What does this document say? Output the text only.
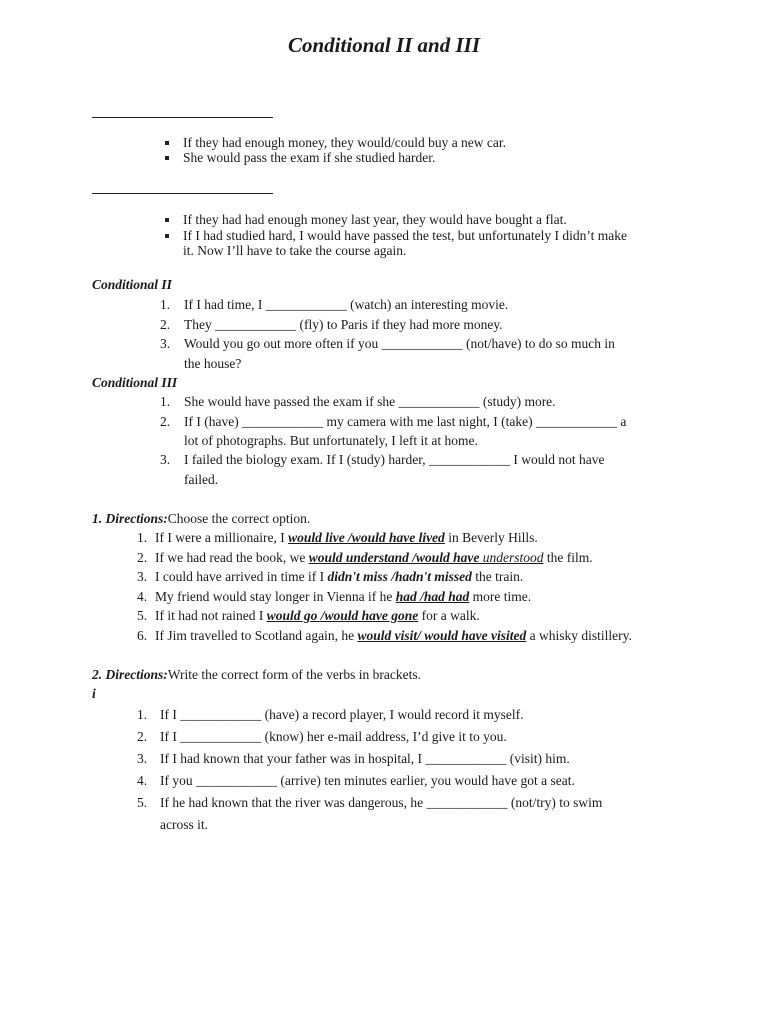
Conditional II and III
If they had enough money, they would/could buy a new car.
She would pass the exam if she studied harder.
If they had had enough money last year, they would have bought a flat.
If I had studied hard, I would have passed the test, but unfortunately I didn’t make
it. Now I’ll have to take the course again.
Conditional II
1. If I had time, I ____________ (watch) an interesting movie.
2. They ____________ (fly) to Paris if they had more money.
3. Would you go out more often if you ____________ (not/have) to do so much in
the house?
Conditional III
1. She would have passed the exam if she ____________ (study) more.
2. If I (have) ____________ my camera with me last night, I (take) ____________ a
lot of photographs. But unfortunately, I left it at home.
3. I failed the biology exam. If I (study) harder, ____________ I would not have
failed.
1. Directions:Choose the correct option.
1. If I were a millionaire, I would live /would have lived in Beverly Hills.
2. If we had read the book, we would understand /would have understood the film.
3. I could have arrived in time if I didn't miss /hadn't missed the train.
4. My friend would stay longer in Vienna if he had /had had more time.
5. If it had not rained I would go /would have gone for a walk.
6. If Jim travelled to Scotland again, he would visit/ would have visited a whisky distillery.
2. Directions:Write the correct form of the verbs in brackets.
i
1. If I ____________ (have) a record player, I would record it myself.
2. If I ____________ (know) her e-mail address, I’d give it to you.
3. If I had known that your father was in hospital, I ____________ (visit) him.
4. If you ____________ (arrive) ten minutes earlier, you would have got a seat.
5. If he had known that the river was dangerous, he ____________ (not/try) to swim
across it.
